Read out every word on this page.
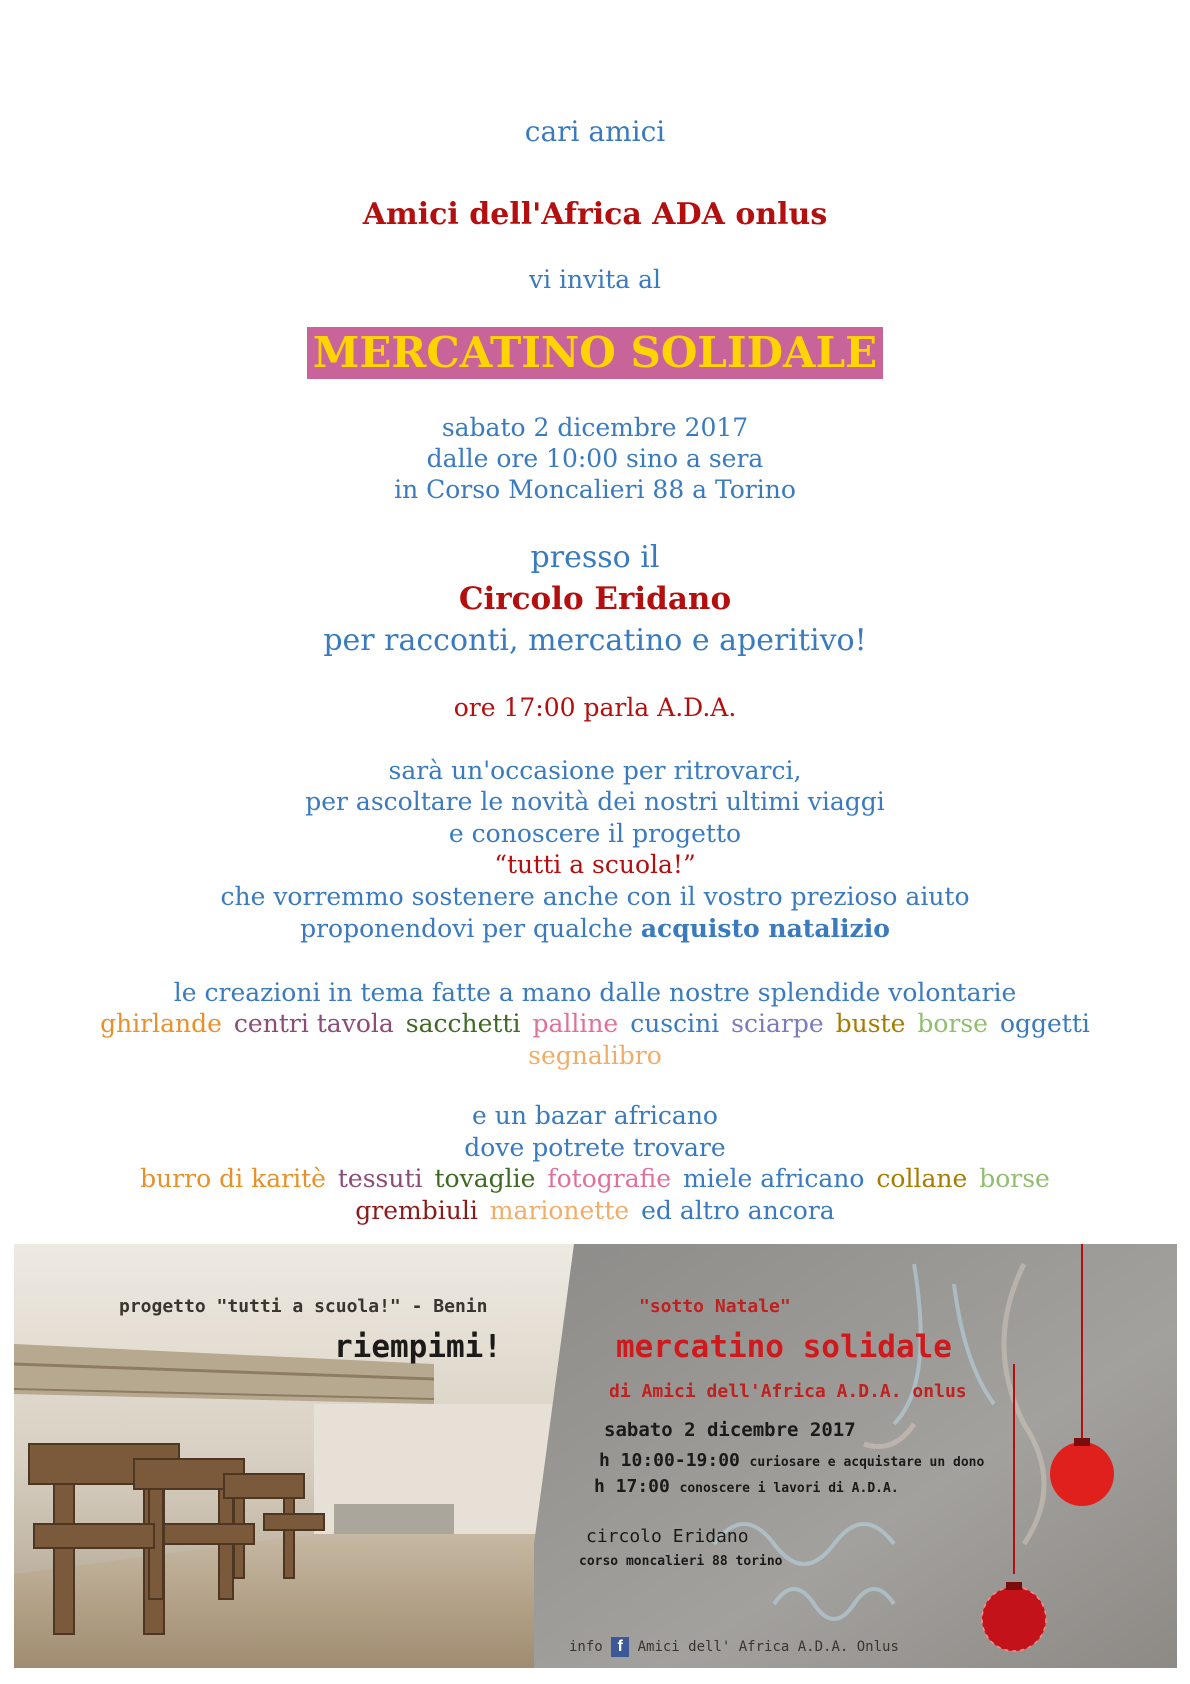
cari amici
Amici dell'Africa ADA onlus
vi invita al
MERCATINO SOLIDALE
sabato 2 dicembre 2017
dalle ore 10:00 sino a sera
in Corso Moncalieri 88 a Torino
presso il
Circolo Eridano
per racconti, mercatino e aperitivo!
ore 17:00 parla A.D.A.
sarà un'occasione per ritrovarci,
per ascoltare le novità dei nostri ultimi viaggi
e conoscere il progetto
“tutti a scuola!”
che vorremmo sostenere anche con il vostro prezioso aiuto
proponendovi per qualche acquisto natalizio
le creazioni in tema fatte a mano dalle nostre splendide volontarie
ghirlande centri tavola sacchetti palline cuscini sciarpe buste borse oggetti
segnalibro
e un bazar africano
dove potrete trovare
burro di karitè tessuti tovaglie fotografie miele africano collane borse
grembiuli marionette ed altro ancora
progetto "tutti a scuola!" - Benin	"sotto Natale"
riempimi!	mercatino solidale
di Amici dell'Africa A.D.A. onlus
sabato 2 dicembre 2017
h 10:00-19:00 curiosare e acquistare un dono
h 17:00 conoscere i lavori di A.D.A.
circolo Eridano
corso moncalieri 88 torino
info f Amici dell' Africa A.D.A. Onlus
